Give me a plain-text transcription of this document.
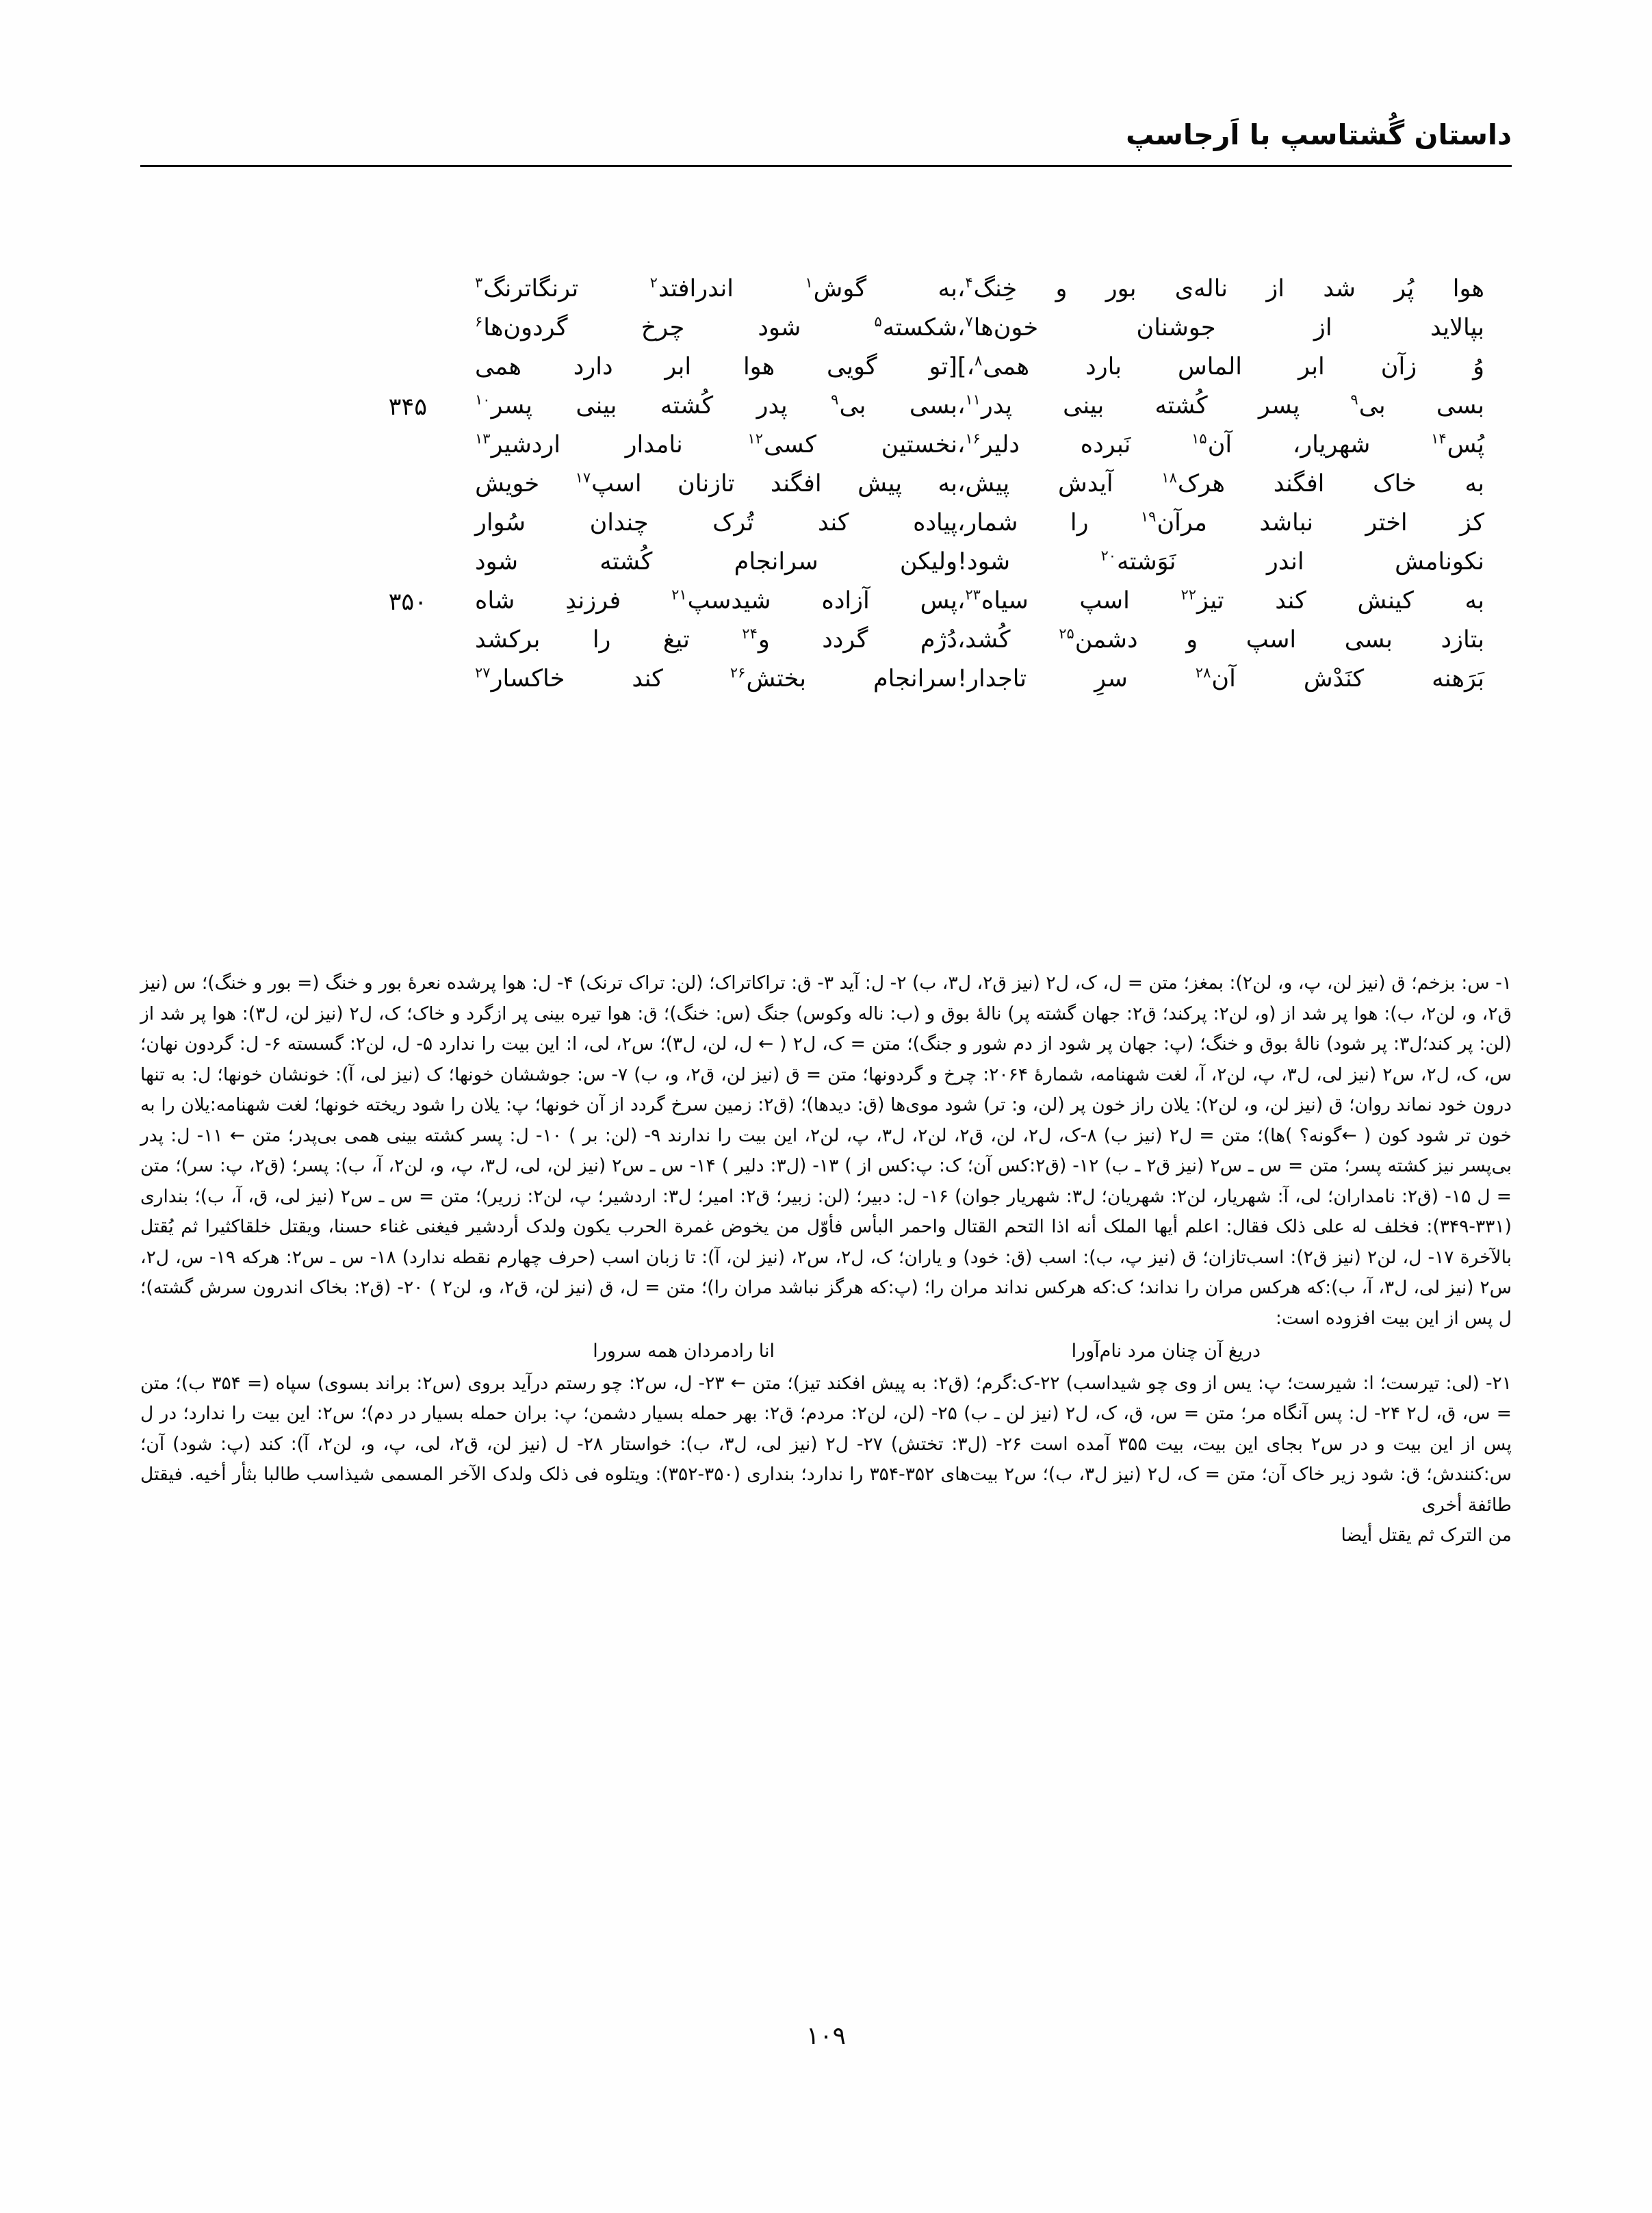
داستان گُشتاسپ با اَرجاسپ
هوا
پُر
شد
از
ناله‌ی
بور
و
خِنگ$^۴$،
به
گوش$^۱$
اندرافتد$^۲$
ترنگاترنگ$^۳$
بپالاید
از
جوشنان
خون‌ها$^۷$،
شکسته$^۵$
شود
چرخ
گردون‌ها$^۶$
وُ
زآن
ابر
الماس
بارد
همی$^۸$،]
[تو
گویی
هوا
ابر
دارد
همی
بسی
بی$^۹$
پسر
کُشته
بینی
پدر$^{۱۱}$،
بسی
بی$^۹$
پدر
کُشته
بینی
پسر$^{۱۰}$
۳۴۵
پُس$^{۱۴}$
شهریار،
آن$^{۱۵}$
نَبرده
دلیر$^{۱۶}$،
نخستین
کسی$^{۱۲}$
نامدار
اردشیر$^{۱۳}$
به
خاک
افگند
هرک$^{۱۸}$
آیدش
پیش،
به
پیش
افگند
تازنان
اسپ$^{۱۷}$
خویش
کز
اختر
نباشد
مرآن$^{۱۹}$
را
شمار،
پیاده
کند
تُرک
چندان
سُوار
نکونامش
اندر
نَوَشته$^{۲۰}$
شود!
ولیکن
سرانجام
کُشته
شود
به
کینش
کند
تیز$^{۲۲}$
اسپ
سیاه$^{۲۳}$،
پس
آزاده
شیدسپ$^{۲۱}$
فرزندِ
شاه
۳۵۰
بتازد
بسی
اسپ
و
دشمن$^{۲۵}$
کُشد،
دُژم
گردد
و$^{۲۴}$
تیغ
را
برکشد
بَرَهنه
کنَدْش
آن$^{۲۸}$
سرِ
تاجدار!
سرانجام
بختش$^{۲۶}$
کند
خاکسار$^{۲۷}$

۱- س: بزخم؛ ق (نیز لن، پ، و، لن۲): بمغز؛ متن = ل، ک، ل۲ (نیز ق۲، ل۳، ب) ۲- ل: آید ۳- ق: تراکاتراک؛ (لن: تراک ترنک) ۴- ل: هوا پرشده نعرهٔ بور و خنگ (= بور و خنگ)؛ س (نیز ق۲، و، لن۲، ب): هوا پر شد از (و، لن۲: پرکند؛ ق۲: جهان گشته پر) نالهٔ بوق و (ب: ناله وکوس) جنگ (س: خنگ)؛ ق: هوا تیره بینی پر ازگرد و خاک؛ ک، ل۲ (نیز لن، ل۳): هوا پر شد از (لن: پر کند؛ل۳: پر شود) نالهٔ بوق و خنگ؛ (پ: جهان پر شود از دم شور و جنگ)؛ متن = ک، ل۲ ( ← ل، لن، ل۳)؛ س۲، لی، ا: این بیت را ندارد ۵- ل، لن۲: گسسته ۶- ل: گردون نهان؛ س، ک، ل۲، س۲ (نیز لی، ل۳، پ، لن۲، آ، لغت شهنامه، شمارهٔ ۲۰۶۴: چرخ و گردونها؛ متن = ق (نیز لن، ق۲، و، ب) ۷- س: جوششان خونها؛ ک (نیز لی، آ): خونشان خونها؛ ل: به تنها درون خود نماند روان؛ ق (نیز لن، و، لن۲): یلان راز خون پر (لن، و: تر) شود موی‌ها (ق: دیدها)؛ (ق۲: زمین سرخ گردد از آن خونها؛ پ: یلان را شود ریخته خونها؛ لغت شهنامه:یلان را به خون تر شود کون ( ←گونه؟ )ها)؛ متن = ل۲ (نیز ب) ۸-ک، ل۲، لن، ق۲، لن۲، ل۳، پ، لن۲، این بیت را ندارند ۹- (لن: بر ) ۱۰- ل: پسر کشته بینی همی بی‌پدر؛ متن ← ۱۱- ل: پدر بی‌پسر نیز کشته پسر؛ متن = س ـ س۲ (نیز ق۲ ـ ب) ۱۲- (ق۲:کس آن؛ ک: پ:کس از ) ۱۳- (ل۳: دلیر ) ۱۴- س ـ س۲ (نیز لن، لی، ل۳، پ، و، لن۲، آ، ب): پسر؛ (ق۲، پ: سر)؛ متن = ل ۱۵- (ق۲: نامداران؛ لی، آ: شهریار، لن۲: شهریان؛ ل۳: شهریار جوان) ۱۶- ل: دبیر؛ (لن: زبیر؛ ق۲: امیر؛ ل۳: اردشیر؛ پ، لن۲: زریر)؛ متن = س ـ س۲ (نیز لی، ق، آ، ب)؛ بنداری (۳۳۱-۳۴۹): فخلف له علی ذلک فقال: اعلم أیها الملک أنه اذا التحم القتال واحمر البأس فأوّل من یخوض غمرة الحرب یکون ولدک أردشیر فیغنی غناء حسنا، ویقتل خلقاکثیرا ثم یُقتل بالآخرة ۱۷- ل، لن۲ (نیز ق۲): اسب‌تازان؛ ق (نیز پ، ب): اسب (ق: خود) و یاران؛ ک، ل۲، س۲، (نیز لن، آ): تا زبان اسب (حرف چهارم نقطه ندارد) ۱۸- س ـ س۲: هرکه ۱۹- س، ل۲، س۲ (نیز لی، ل۳، آ، ب):که هرکس مران را نداند؛ ک:که هرکس نداند مران را؛ (پ:که هرگز نباشد مران را)؛ متن = ل، ق (نیز لن، ق۲، و، لن۲ ) ۲۰- (ق۲: بخاک اندرون سرش گشته)؛ ل پس از این بیت افزوده است:

دریغ آن چنان مرد نام‌آورا
انا رادمردان همه سرورا

۲۱- (لی: تیرست؛ ا: شیرست؛ پ: یس از وی چو شیداسب) ۲۲-ک:گرم؛ (ق۲: به پیش افکند تیز)؛ متن ← ۲۳- ل، س۲: چو رستم درآید بروی (س۲: براند بسوی) سپاه (= ۳۵۴ ب)؛ متن = س، ق، ل۲ ۲۴- ل: پس آنگاه مر؛ متن = س، ق، ک، ل۲ (نیز لن ـ ب) ۲۵- (لن، لن۲: مردم؛ ق۲: بهر حمله بسیار دشمن؛ پ: بران حمله بسیار در دم)؛ س۲: این بیت را ندارد؛ در ل پس از این بیت و در س۲ بجای این بیت، بیت ۳۵۵ آمده است ۲۶- (ل۳: تختش) ۲۷- ل۲ (نیز لی، ل۳، ب): خواستار ۲۸- ل (نیز لن، ق۲، لی، پ، و، لن۲، آ): کند (پ: شود) آن؛ س:کنندش؛ ق: شود زیر خاک آن؛ متن = ک، ل۲ (نیز ل۳، ب)؛ س۲ بیت‌های ۳۵۲-۳۵۴ را ندارد؛ بنداری (۳۵۰-۳۵۲): ویتلوه فی ذلک ولدک الآخر المسمی شیذاسب طالبا بثأر أخیه. فیقتل طائفة أخری

من الترک ثم یقتل أیضا

۱۰۹
